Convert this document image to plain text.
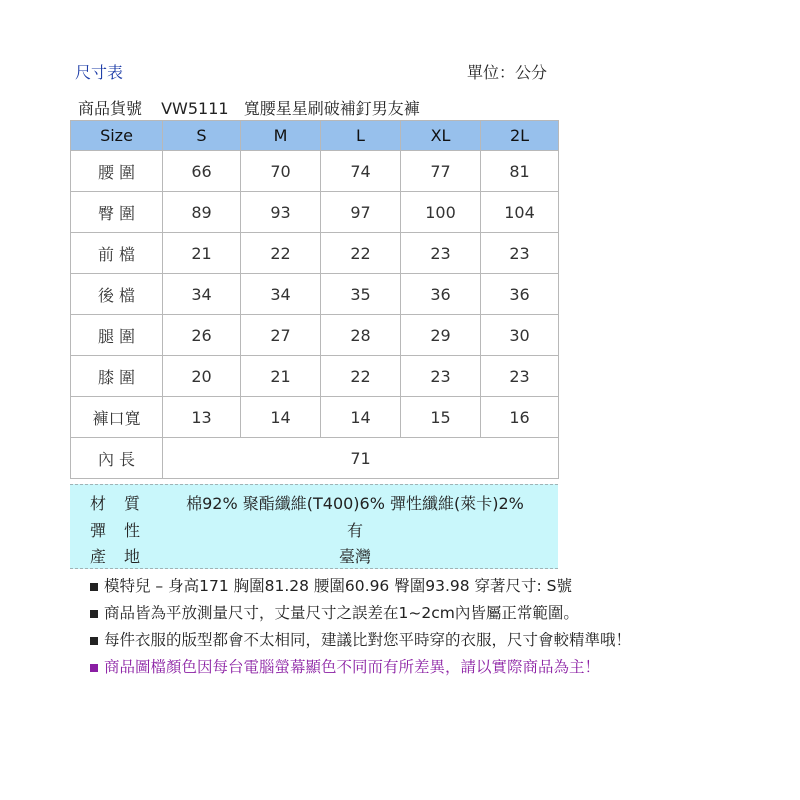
尺寸表	單位：公分
商品貨號 VW5111 寬腰星星刷破補釘男友褲
Size	S	M	L	XL	2L
腰 圍	66	70	74	77	81
臀 圍	89	93	97	100	104
前 檔	21	22	22	23	23
後 檔	34	34	35	36	36
腿 圍	26	27	28	29	30
膝 圍	20	21	22	23	23
褲口寬	13	14	14	15	16
內 長	71				
材質	棉92% 聚酯纖維(T400)6% 彈性纖維(萊卡)2%
彈性	有
產地	臺灣
模特兒 – 身高171 胸圍81.28 腰圍60.96 臀圍93.98 穿著尺寸: S號
商品皆為平放測量尺寸，丈量尺寸之誤差在1~2cm內皆屬正常範圍。
每件衣服的版型都會不太相同，建議比對您平時穿的衣服，尺寸會較精準哦！
商品圖檔顏色因每台電腦螢幕顯色不同而有所差異，請以實際商品為主！
